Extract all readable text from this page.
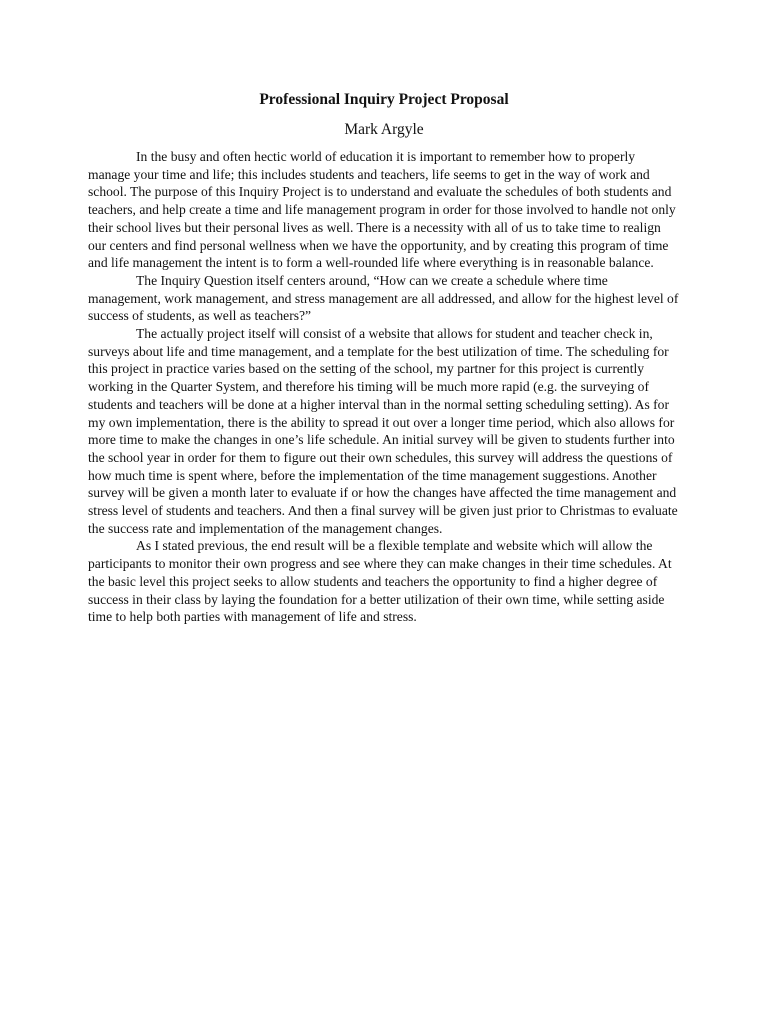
Professional Inquiry Project Proposal
Mark Argyle

In the busy and often hectic world of education it is important to remember how to properly manage your time and life; this includes students and teachers, life seems to get in the way of work and school. The purpose of this Inquiry Project is to understand and evaluate the schedules of both students and teachers, and help create a time and life management program in order for those involved to handle not only their school lives but their personal lives as well. There is a necessity with all of us to take time to realign our centers and find personal wellness when we have the opportunity, and by creating this program of time and life management the intent is to form a well-rounded life where everything is in reasonable balance.

The Inquiry Question itself centers around, “How can we create a schedule where time management, work management, and stress management are all addressed, and allow for the highest level of success of students, as well as teachers?”

The actually project itself will consist of a website that allows for student and teacher check in, surveys about life and time management, and a template for the best utilization of time. The scheduling for this project in practice varies based on the setting of the school, my partner for this project is currently working in the Quarter System, and therefore his timing will be much more rapid (e.g. the surveying of students and teachers will be done at a higher interval than in the normal setting scheduling setting). As for my own implementation, there is the ability to spread it out over a longer time period, which also allows for more time to make the changes in one’s life schedule. An initial survey will be given to students further into the school year in order for them to figure out their own schedules, this survey will address the questions of how much time is spent where, before the implementation of the time management suggestions. Another survey will be given a month later to evaluate if or how the changes have affected the time management and stress level of students and teachers. And then a final survey will be given just prior to Christmas to evaluate the success rate and implementation of the management changes.

As I stated previous, the end result will be a flexible template and website which will allow the participants to monitor their own progress and see where they can make changes in their time schedules. At the basic level this project seeks to allow students and teachers the opportunity to find a higher degree of success in their class by laying the foundation for a better utilization of their own time, while setting aside time to help both parties with management of life and stress.
